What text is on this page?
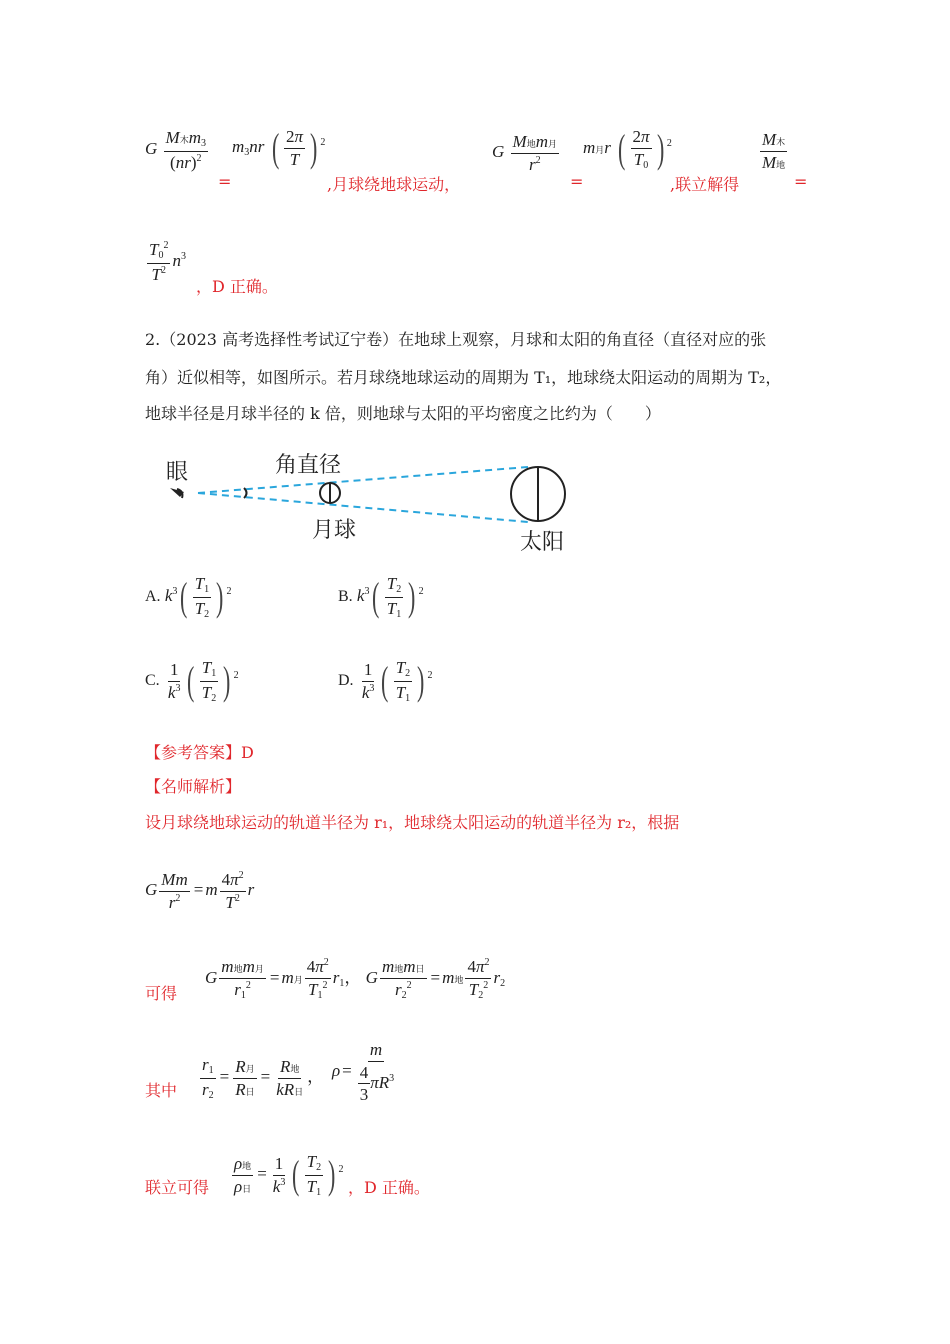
G $\frac{M木m_3}{(nr)^2}$
=
$m_3nr$ ( $\frac{2\pi}{T}$ ) $^2$
,月球绕地球运动，
G $\frac{\text{M地m月}}{r^2}$
=
m月r ( $\frac{2\pi}{T_0}$ ) $^2$
,联立解得
$\frac{\text{M木}}{\text{M地}}$
=
$\frac{T_0^2}{T^2} n^3$
，D 正确。
2.（2023 高考选择性考试辽宁卷）在地球上观察，月球和太阳的角直径（直径对应的张
角）近似相等，如图所示。若月球绕地球运动的周期为 T₁，地球绕太阳运动的周期为 T₂，
地球半径是月球半径的 k 倍，则地球与太阳的平均密度之比约为（　　）
眼	角直径
月球	太阳
A. $k^3( \frac{T_1}{T_2}$ ) $^2$	B. $k^3( \frac{T_2}{T_1}$ ) $^2$
C. $\frac{1}{k^3}$ ( $\frac{T_1}{T_2}$ ) $^2$	D. $\frac{1}{k^3}$ ( $\frac{T_2}{T_1}$ ) $^2$
【参考答案】D
【名师解析】
设月球绕地球运动的轨道半径为 r₁，地球绕太阳运动的轨道半径为 r₂，根据
G $\frac{Mm}{r^2} = m \frac{4\pi^2}{T^2}$ r
可得
G $\frac{\text{m地m月}}{r_1^2} = m$月 $\frac{4\pi^2}{T_1^2} r_1$， G $\frac{\text{m地m日}}{r_2^2} = m$地 $\frac{4\pi^2}{T_2^2} r_2$
其中 $\frac{r_1}{r_2} = \frac{\text{R月}}{\text{R日}} = \frac{\text{R地}}{\text{kR日}}$ ， $\rho = \frac{m}{\frac{4}{3} \pi R^3}$
联立可得 $\frac{\text{ρ地}}{\text{ρ日}} = \frac{1}{k^3}$ ( $\frac{T_2}{T_1}$ ) $^2$
，D 正确。
